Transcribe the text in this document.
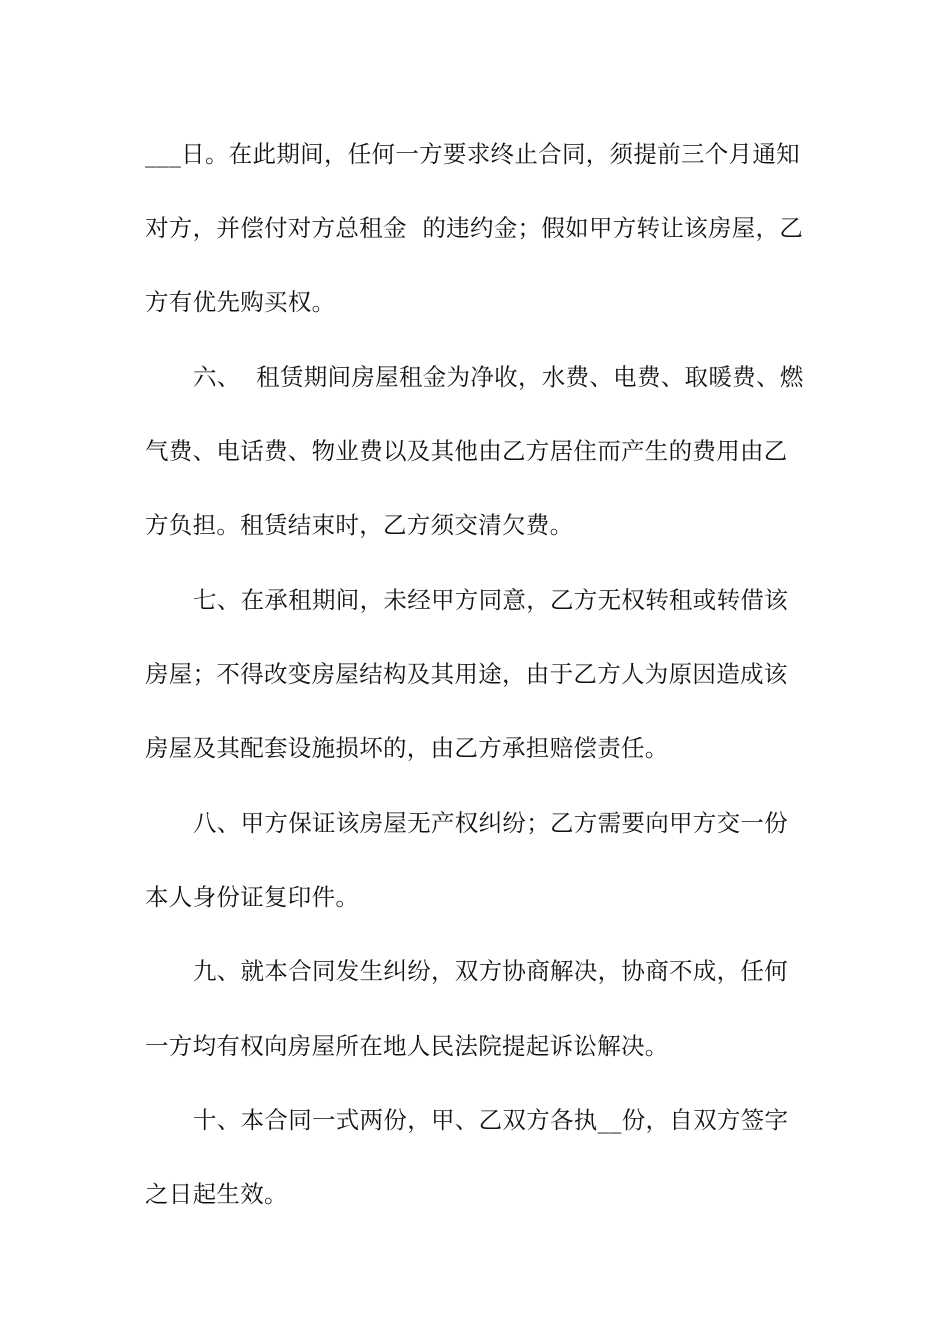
___日。在此期间，任何一方要求终止合同，须提前三个月通知

对方，并偿付对方总租金  的违约金；假如甲方转让该房屋，乙

方有优先购买权。

六、  租赁期间房屋租金为净收，水费、电费、取暖费、燃

气费、电话费、物业费以及其他由乙方居住而产生的费用由乙

方负担。租赁结束时，乙方须交清欠费。

七、在承租期间，未经甲方同意，乙方无权转租或转借该

房屋；不得改变房屋结构及其用途，由于乙方人为原因造成该

房屋及其配套设施损坏的，由乙方承担赔偿责任。

八、甲方保证该房屋无产权纠纷；乙方需要向甲方交一份

本人身份证复印件。

九、就本合同发生纠纷，双方协商解决，协商不成，任何

一方均有权向房屋所在地人民法院提起诉讼解决。

十、本合同一式两份，甲、乙双方各执__份，自双方签字

之日起生效。
